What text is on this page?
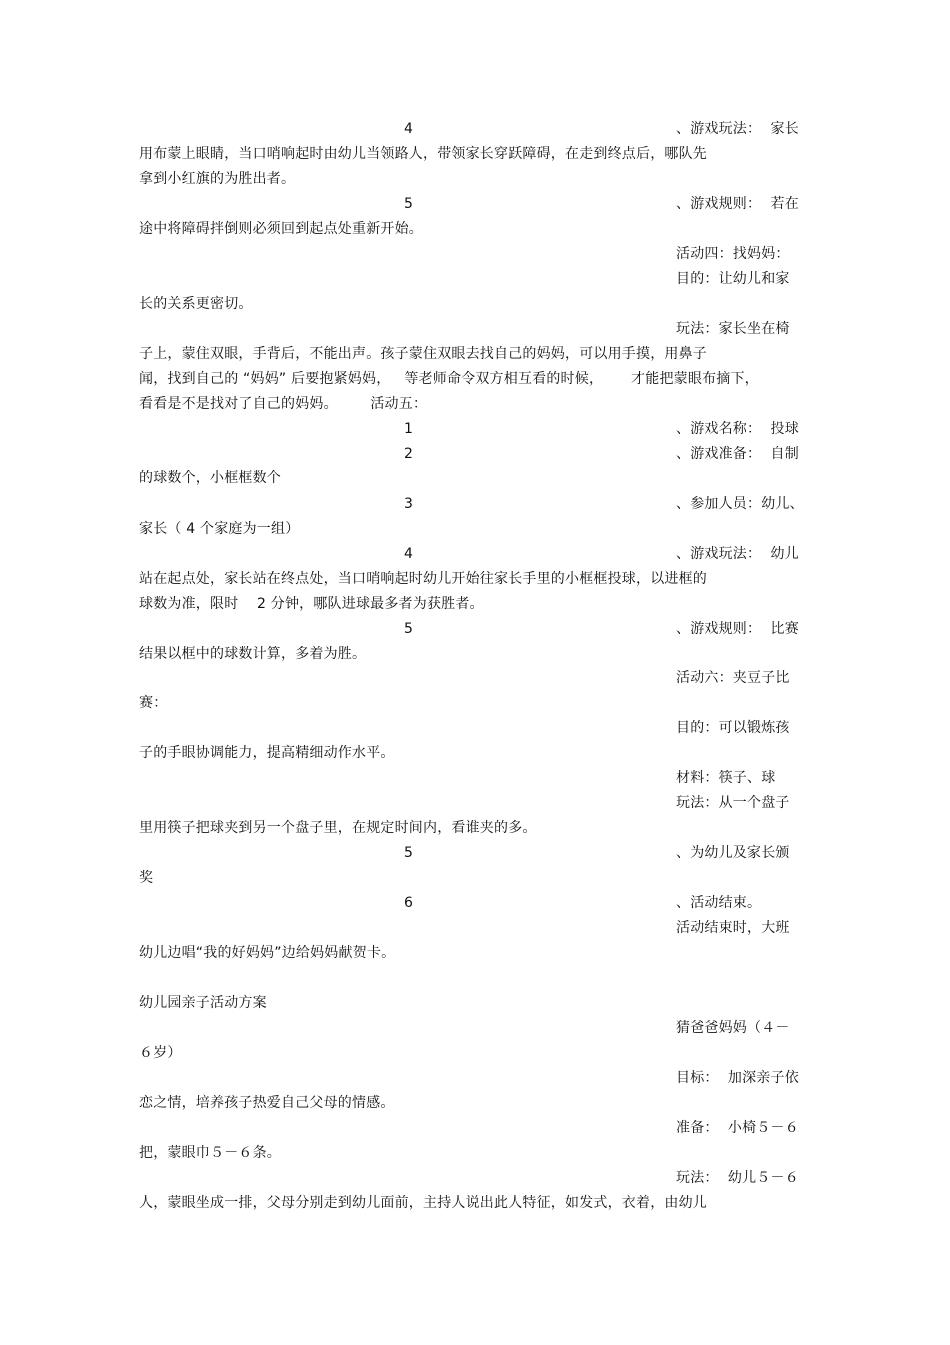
4	、游戏玩法：  家长
用布蒙上眼睛，当口哨响起时由幼儿当领路人，带领家长穿跃障碍，在走到终点后，哪队先
拿到小红旗的为胜出者。
5	、游戏规则：  若在
途中将障碍拌倒则必须回到起点处重新开始。
活动四：找妈妈：
目的：让幼儿和家
长的关系更密切。
玩法：家长坐在椅
子上，蒙住双眼，手背后，不能出声。孩子蒙住双眼去找自己的妈妈，可以用手摸，用鼻子
闻，找到自己的 “妈妈” 后要抱紧妈妈，   等老师命令双方相互看的时候，      才能把蒙眼布摘下，
看看是不是找对了自己的妈妈。       活动五：
1	、游戏名称：  投球
2	、游戏准备：  自制
的球数个，小框框数个
3	、参加人员：幼儿、
家长（ 4 个家庭为一组）
4	、游戏玩法：  幼儿
站在起点处，家长站在终点处，当口哨响起时幼儿开始往家长手里的小框框投球，以进框的
球数为准，限时    2 分钟，哪队进球最多者为获胜者。
5	、游戏规则：  比赛
结果以框中的球数计算，多着为胜。
活动六：夹豆子比
赛：
目的：可以锻炼孩
子的手眼协调能力，提高精细动作水平。
材料：筷子、球
玩法：从一个盘子
里用筷子把球夹到另一个盘子里，在规定时间内，看谁夹的多。
5	、为幼儿及家长颁
奖
6	、活动结束。
活动结束时，大班
幼儿边唱“我的好妈妈”边给妈妈献贺卡。
幼儿园亲子活动方案
猜爸爸妈妈（４－
６岁）
目标：  加深亲子依
恋之情，培养孩子热爱自己父母的情感。
准备：  小椅５－６
把，蒙眼巾５－６条。
玩法：  幼儿５－６
人，蒙眼坐成一排，父母分别走到幼儿面前，主持人说出此人特征，如发式，衣着，由幼儿
